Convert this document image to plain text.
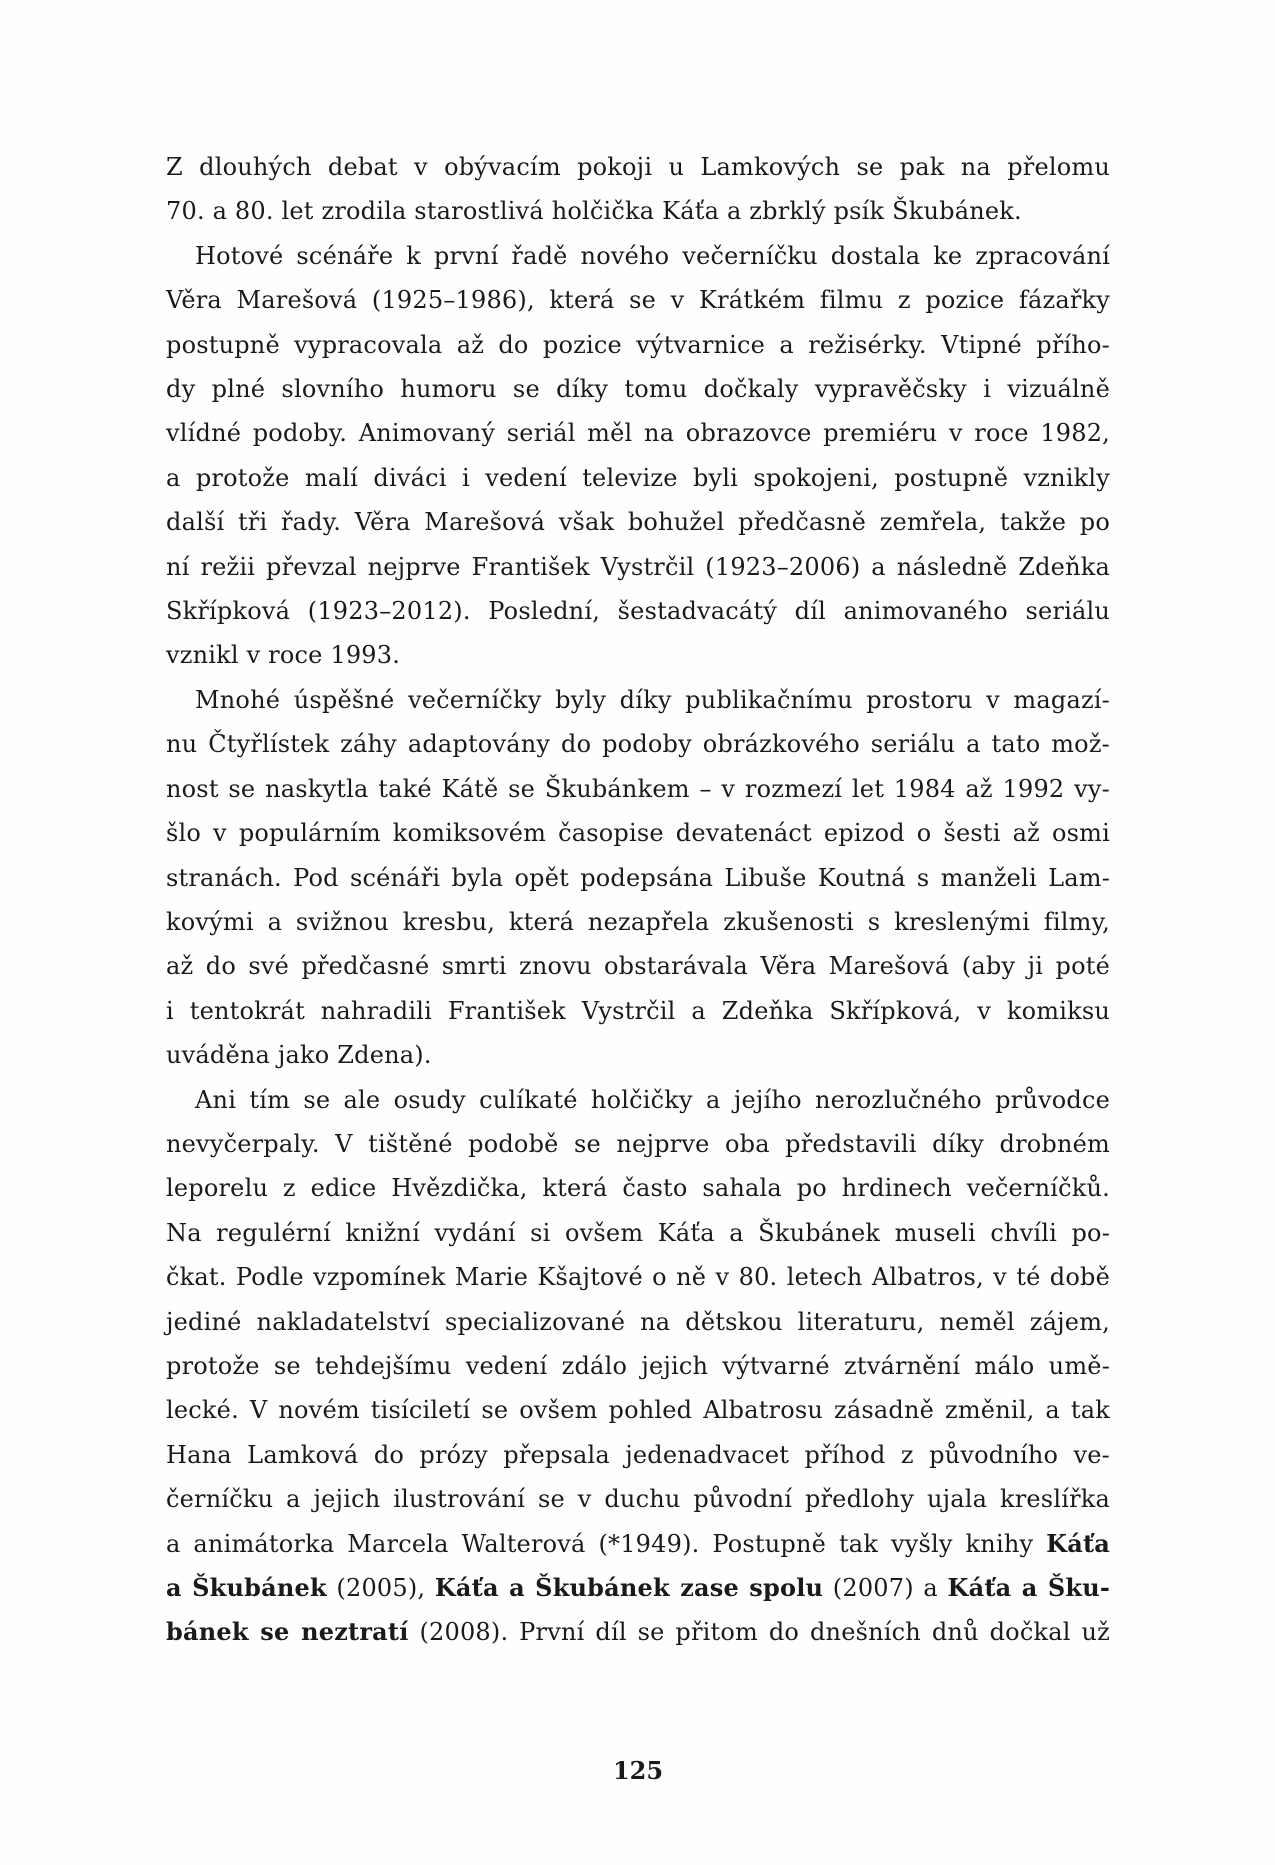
Z dlouhých debat v obývacím pokoji u Lamkových se pak na přelomu
70. a 80. let zrodila starostlivá holčička Káťa a zbrklý psík Škubánek.
Hotové scénáře k první řadě nového večerníčku dostala ke zpracování
Věra Marešová (1925–1986), která se v Krátkém filmu z pozice fázařky
postupně vypracovala až do pozice výtvarnice a režisérky. Vtipné přího-
dy plné slovního humoru se díky tomu dočkaly vypravěčsky i vizuálně
vlídné podoby. Animovaný seriál měl na obrazovce premiéru v roce 1982,
a protože malí diváci i vedení televize byli spokojeni, postupně vznikly
další tři řady. Věra Marešová však bohužel předčasně zemřela, takže po
ní režii převzal nejprve František Vystrčil (1923–2006) a následně Zdeňka
Skřípková (1923–2012). Poslední, šestadvacátý díl animovaného seriálu
vznikl v roce 1993.
Mnohé úspěšné večerníčky byly díky publikačnímu prostoru v magazí-
nu Čtyřlístek záhy adaptovány do podoby obrázkového seriálu a tato mož-
nost se naskytla také Kátě se Škubánkem – v rozmezí let 1984 až 1992 vy-
šlo v populárním komiksovém časopise devatenáct epizod o šesti až osmi
stranách. Pod scénáři byla opět podepsána Libuše Koutná s manželi Lam-
kovými a svižnou kresbu, která nezapřela zkušenosti s kreslenými filmy,
až do své předčasné smrti znovu obstarávala Věra Marešová (aby ji poté
i tentokrát nahradili František Vystrčil a Zdeňka Skřípková, v komiksu
uváděna jako Zdena).
Ani tím se ale osudy culíkaté holčičky a jejího nerozlučného průvodce
nevyčerpaly. V tištěné podobě se nejprve oba představili díky drobném
leporelu z edice Hvězdička, která často sahala po hrdinech večerníčků.
Na regulérní knižní vydání si ovšem Káťa a Škubánek museli chvíli po-
čkat. Podle vzpomínek Marie Kšajtové o ně v 80. letech Albatros, v té době
jediné nakladatelství specializované na dětskou literaturu, neměl zájem,
protože se tehdejšímu vedení zdálo jejich výtvarné ztvárnění málo umě-
lecké. V novém tisíciletí se ovšem pohled Albatrosu zásadně změnil, a tak
Hana Lamková do prózy přepsala jedenadvacet příhod z původního ve-
černíčku a jejich ilustrování se v duchu původní předlohy ujala kreslířka
a animátorka Marcela Walterová (*1949). Postupně tak vyšly knihy Káťa
a Škubánek (2005), Káťa a Škubánek zase spolu (2007) a Káťa a Šku-
bánek se neztratí (2008). První díl se přitom do dnešních dnů dočkal už
125
